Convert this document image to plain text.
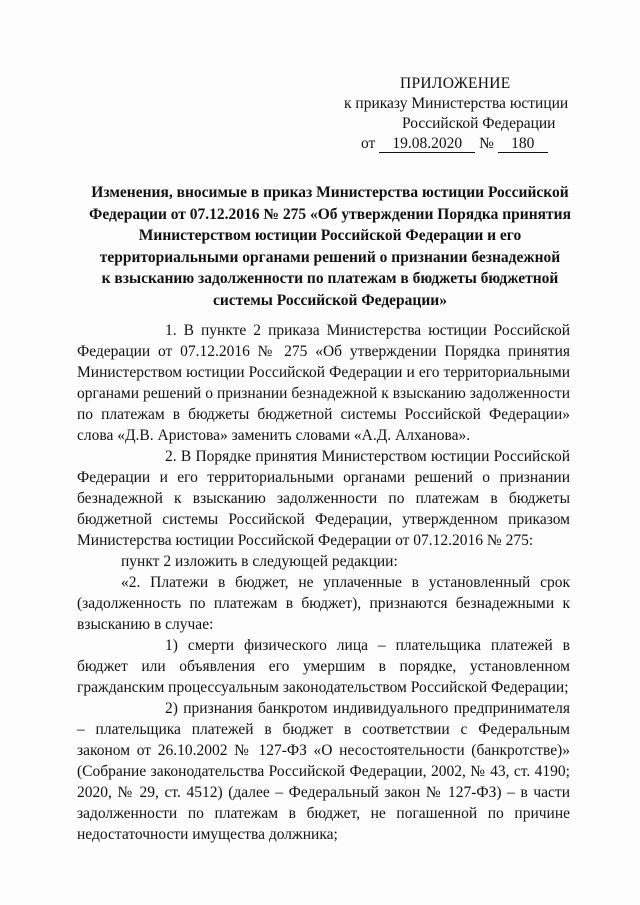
ПРИЛОЖЕНИЕ
к приказу Министерства юстиции
Российской Федерации
от 19.08.2020 № 180
Изменения, вносимые в приказ Министерства юстиции Российской
Федерации от 07.12.2016 № 275 «Об утверждении Порядка принятия
Министерством юстиции Российской Федерации и его
территориальными органами решений о признании безнадежной
к взысканию задолженности по платежам в бюджеты бюджетной
системы Российской Федерации»

1. В пункте 2 приказа Министерства юстиции Российской Федерации от 07.12.2016 № 275 «Об утверждении Порядка принятия Министерством юстиции Российской Федерации и его территориальными органами решений о признании безнадежной к взысканию задолженности по платежам в бюджеты бюджетной системы Российской Федерации» слова «Д.В. Аристова» заменить словами «А.Д. Алханова».

2. В Порядке принятия Министерством юстиции Российской Федерации и его территориальными органами решений о признании безнадежной к взысканию задолженности по платежам в бюджеты бюджетной системы Российской Федерации, утвержденном приказом Министерства юстиции Российской Федерации от 07.12.2016 № 275:

пункт 2 изложить в следующей редакции:

«2. Платежи в бюджет, не уплаченные в установленный срок (задолженность по платежам в бюджет), признаются безнадежными к взысканию в случае:

1) смерти физического лица – плательщика платежей в бюджет или объявления его умершим в порядке, установленном гражданским процессуальным законодательством Российской Федерации;

2) признания банкротом индивидуального предпринимателя – плательщика платежей в бюджет в соответствии с Федеральным законом от 26.10.2002 № 127-ФЗ «О несостоятельности (банкротстве)» (Собрание законодательства Российской Федерации, 2002, № 43, ст. 4190; 2020, № 29, ст. 4512) (далее – Федеральный закон № 127-ФЗ) – в части задолженности по платежам в бюджет, не погашенной по причине недостаточности имущества должника;
